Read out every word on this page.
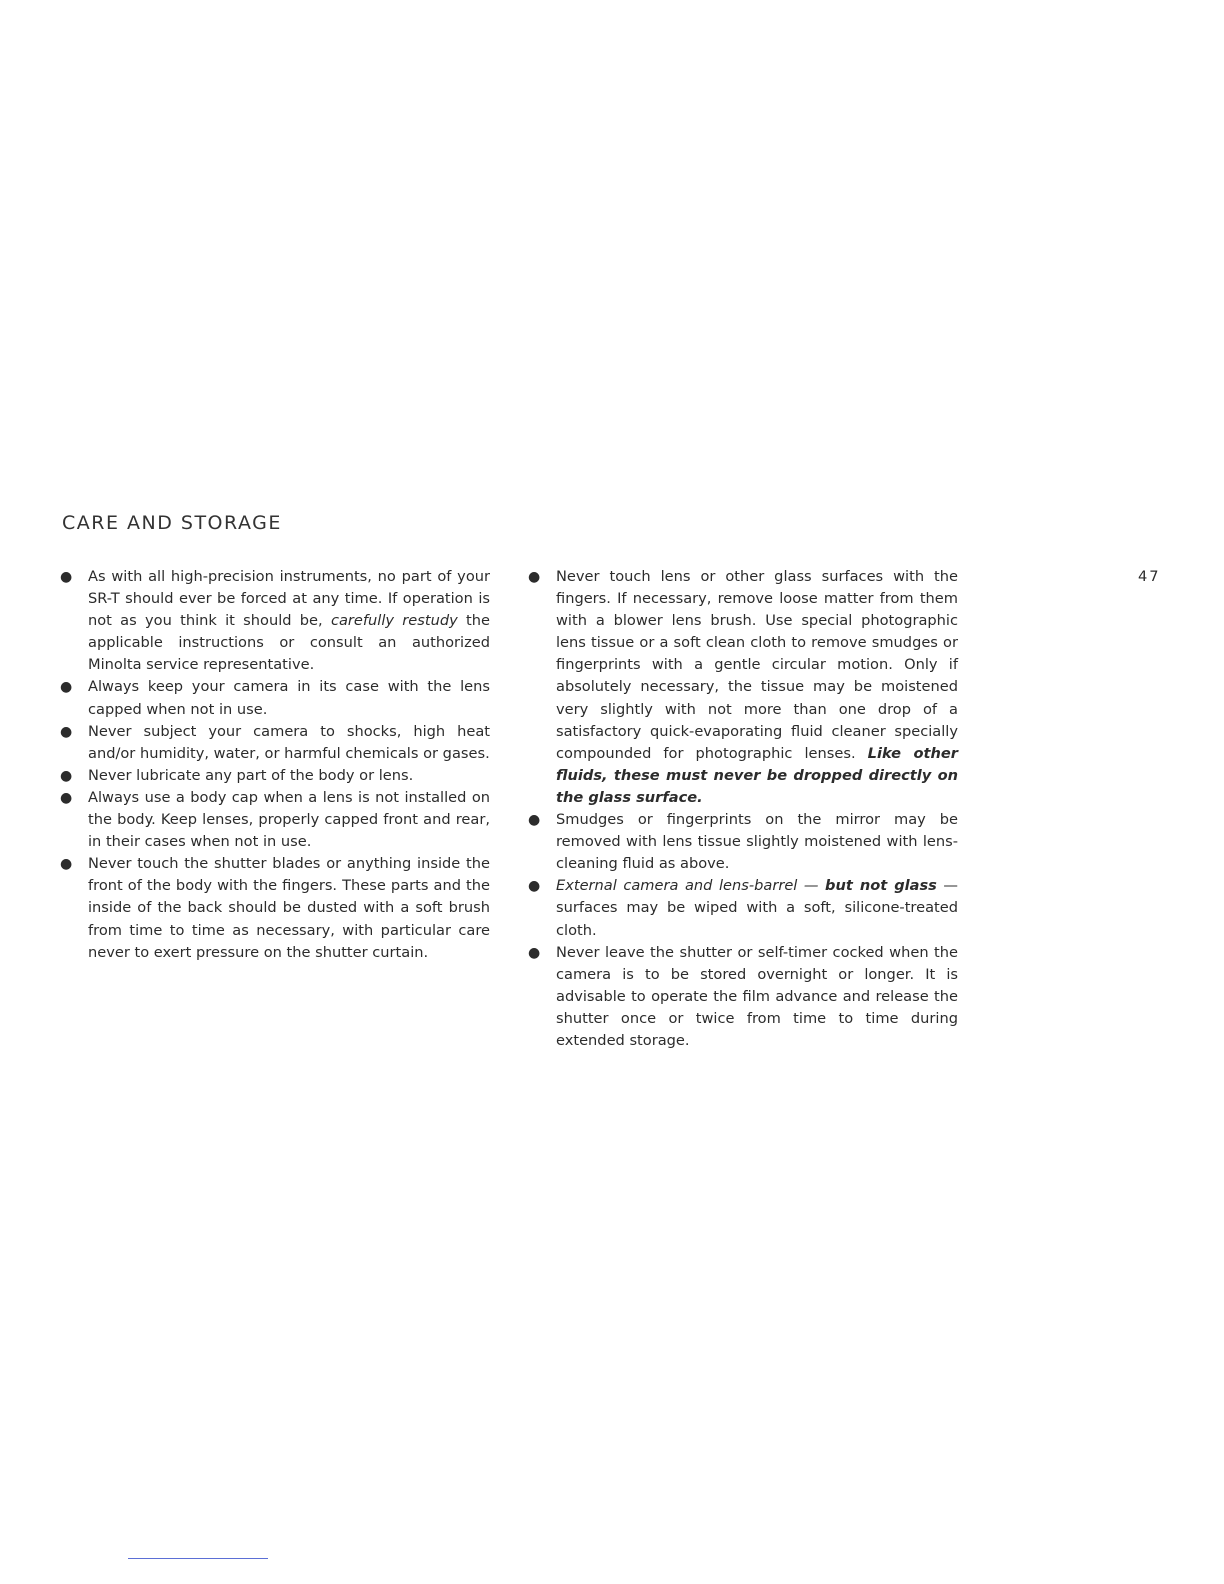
CARE AND STORAGE
● As with all high-precision instruments, no part of your SR-T should ever be forced at any time. If operation is not as you think it should be, carefully restudy the applicable instructions or consult an authorized Minolta service representative.
● Always keep your camera in its case with the lens capped when not in use.
● Never subject your camera to shocks, high heat and/or humidity, water, or harmful chemicals or gases.
● Never lubricate any part of the body or lens.
● Always use a body cap when a lens is not installed on the body. Keep lenses, properly capped front and rear, in their cases when not in use.
● Never touch the shutter blades or anything inside the front of the body with the fingers. These parts and the inside of the back should be dusted with a soft brush from time to time as necessary, with particular care never to exert pressure on the shutter curtain.
● Never touch lens or other glass surfaces with the fingers. If necessary, remove loose matter from them with a blower lens brush. Use special photographic lens tissue or a soft clean cloth to remove smudges or fingerprints with a gentle circular motion. Only if absolutely necessary, the tissue may be moistened very slightly with not more than one drop of a satisfactory quick-evaporating fluid cleaner specially compounded for photographic lenses. Like other fluids, these must never be dropped directly on the glass surface.
● Smudges or fingerprints on the mirror may be removed with lens tissue slightly moistened with lens-cleaning fluid as above.
● External camera and lens-barrel — but not glass — surfaces may be wiped with a soft, silicone-treated cloth.
● Never leave the shutter or self-timer cocked when the camera is to be stored overnight or longer. It is advisable to operate the film advance and release the shutter once or twice from time to time during extended storage.
47
